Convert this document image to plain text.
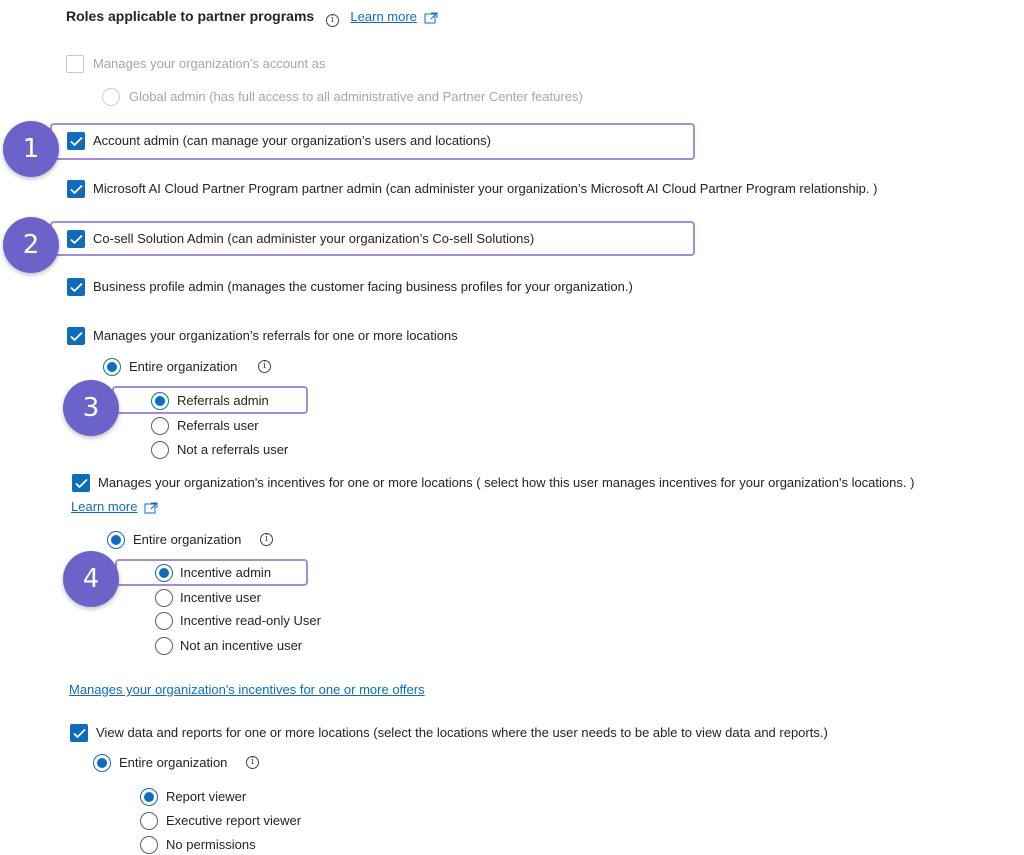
Roles applicable to partner programs i Learn more
Manages your organization’s account as
Global admin (has full access to all administrative and Partner Center features)
Account admin (can manage your organization’s users and locations)
Microsoft AI Cloud Partner Program partner admin (can administer your organization’s Microsoft AI Cloud Partner Program relationship. )
Co-sell Solution Admin (can administer your organization’s Co-sell Solutions)
Business profile admin (manages the customer facing business profiles for your organization.)
Manages your organization’s referrals for one or more locations
Entire organization	i
Referrals admin
Referrals user
Not a referrals user
Manages your organization's incentives for one or more locations ( select how this user manages incentives for your organization's locations. )
Learn more
Entire organization	i
Incentive admin
Incentive user
Incentive read-only User
Not an incentive user
Manages your organization's incentives for one or more offers
View data and reports for one or more locations (select the locations where the user needs to be able to view data and reports.)
Entire organization	i
Report viewer
Executive report viewer
No permissions
1
2
3
4
